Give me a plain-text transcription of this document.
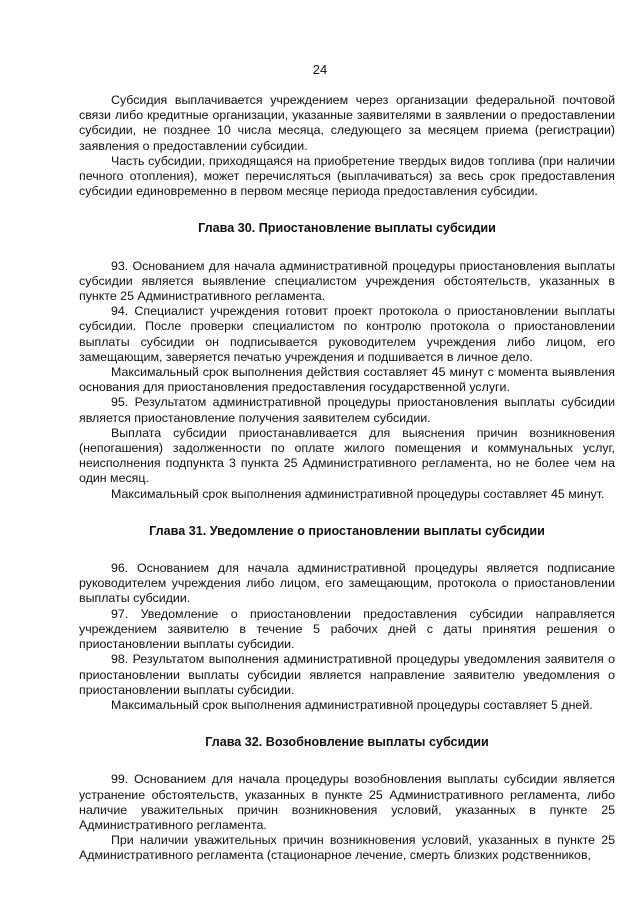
24

Субсидия выплачивается учреждением через организации федеральной почтовой связи либо кредитные организации, указанные заявителями в заявлении о предоставлении субсидии, не позднее 10 числа месяца, следующего за месяцем приема (регистрации) заявления о предоставлении субсидии.

Часть субсидии, приходящаяся на приобретение твердых видов топлива (при наличии печного отопления), может перечисляться (выплачиваться) за весь срок предоставления субсидии единовременно в первом месяце периода предоставления субсидии.

Глава 30. Приостановление выплаты субсидии

93. Основанием для начала административной процедуры приостановления выплаты субсидии является выявление специалистом учреждения обстоятельств, указанных в пункте 25 Административного регламента.

94. Специалист учреждения готовит проект протокола о приостановлении выплаты субсидии. После проверки специалистом по контролю протокола о приостановлении выплаты субсидии он подписывается руководителем учреждения либо лицом, его замещающим, заверяется печатью учреждения и подшивается в личное дело.

Максимальный срок выполнения действия составляет 45 минут с момента выявления основания для приостановления предоставления государственной услуги.

95. Результатом административной процедуры приостановления выплаты субсидии является приостановление получения заявителем субсидии.

Выплата субсидии приостанавливается для выяснения причин возникновения (непогашения) задолженности по оплате жилого помещения и коммунальных услуг, неисполнения подпункта 3 пункта 25 Административного регламента, но не более чем на один месяц.

Максимальный срок выполнения административной процедуры составляет 45 минут.

Глава 31. Уведомление о приостановлении выплаты субсидии

96. Основанием для начала административной процедуры является подписание руководителем учреждения либо лицом, его замещающим, протокола о приостановлении выплаты субсидии.

97. Уведомление о приостановлении предоставления субсидии направляется учреждением заявителю в течение 5 рабочих дней с даты принятия решения о приостановлении выплаты субсидии.

98. Результатом выполнения административной процедуры уведомления заявителя о приостановлении выплаты субсидии является направление заявителю уведомления о приостановлении выплаты субсидии.

Максимальный срок выполнения административной процедуры составляет 5 дней.

Глава 32. Возобновление выплаты субсидии

99. Основанием для начала процедуры возобновления выплаты субсидии является устранение обстоятельств, указанных в пункте 25 Административного регламента, либо наличие уважительных причин возникновения условий, указанных в пункте 25 Административного регламента.

При наличии уважительных причин возникновения условий, указанных в пункте 25 Административного регламента (стационарное лечение, смерть близких родственников,
